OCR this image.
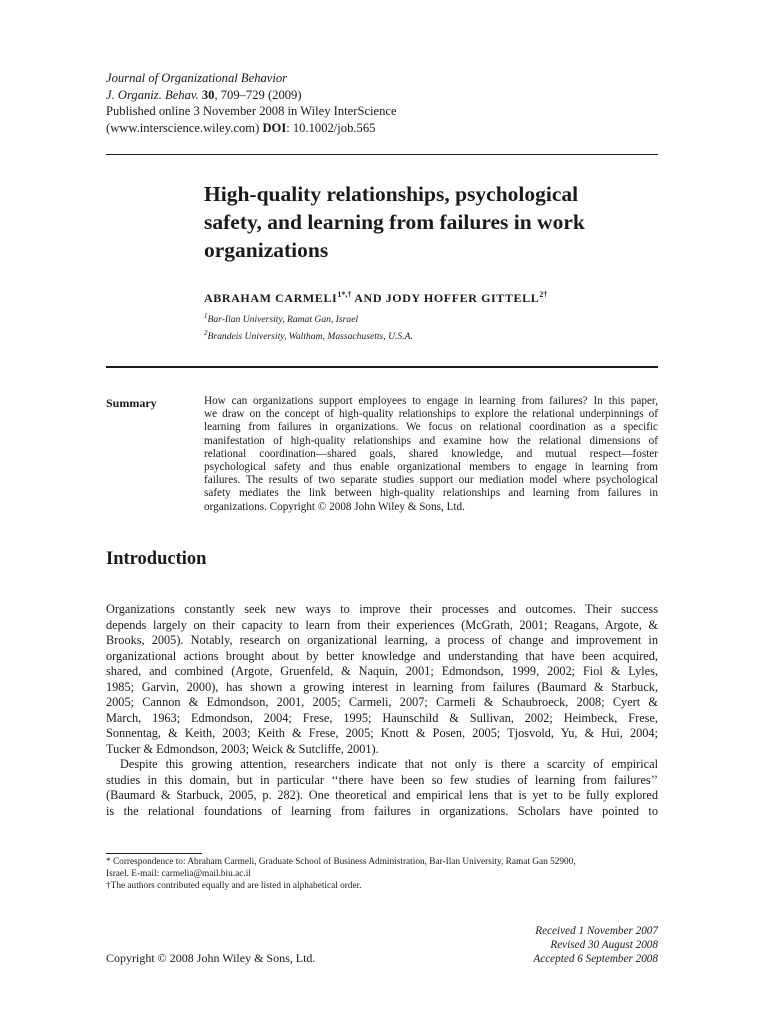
Journal of Organizational Behavior
J. Organiz. Behav. 30, 709–729 (2009)
Published online 3 November 2008 in Wiley InterScience
(www.interscience.wiley.com) DOI: 10.1002/job.565
High-quality relationships, psychological
safety, and learning from failures in work
organizations
ABRAHAM $CARMELI^{1*,\dagger}$ AND JODY HOFFER $GITTELL^{2\dagger}$
$^1$Bar-Ilan University, Ramat Gan, Israel
$^2$Brandeis University, Waltham, Massachusetts, U.S.A.
Summary	How can organizations support employees to engage in learning from failures? In this paper,
we draw on the concept of high-quality relationships to explore the relational underpinnings of
learning from failures in organizations. We focus on relational coordination as a specific
manifestation of high-quality relationships and examine how the relational dimensions of
relational coordination—shared goals, shared knowledge, and mutual respect—foster
psychological safety and thus enable organizational members to engage in learning from
failures. The results of two separate studies support our mediation model where psychological
safety mediates the link between high-quality relationships and learning from failures in
organizations. Copyright © 2008 John Wiley & Sons, Ltd.
Introduction
Organizations constantly seek new ways to improve their processes and outcomes. Their success
depends largely on their capacity to learn from their experiences (McGrath, 2001; Reagans, Argote, &
Brooks, 2005). Notably, research on organizational learning, a process of change and improvement in
organizational actions brought about by better knowledge and understanding that have been acquired,
shared, and combined (Argote, Gruenfeld, & Naquin, 2001; Edmondson, 1999, 2002; Fiol & Lyles,
1985; Garvin, 2000), has shown a growing interest in learning from failures (Baumard & Starbuck,
2005; Cannon & Edmondson, 2001, 2005; Carmeli, 2007; Carmeli & Schaubroeck, 2008; Cyert &
March, 1963; Edmondson, 2004; Frese, 1995; Haunschild & Sullivan, 2002; Heimbeck, Frese,
Sonnentag, & Keith, 2003; Keith & Frese, 2005; Knott & Posen, 2005; Tjosvold, Yu, & Hui, 2004;
Tucker & Edmondson, 2003; Weick & Sutcliffe, 2001).
Despite this growing attention, researchers indicate that not only is there a scarcity of empirical
studies in this domain, but in particular ‘‘there have been so few studies of learning from failures’’
(Baumard & Starbuck, 2005, p. 282). One theoretical and empirical lens that is yet to be fully explored
is the relational foundations of learning from failures in organizations. Scholars have pointed to
* Correspondence to: Abraham Carmeli, Graduate School of Business Administration, Bar-Ilan University, Ramat Gan 52900,
Israel. E-mail: carmelia@mail.biu.ac.il
†The authors contributed equally and are listed in alphabetical order.
Received 1 November 2007
Revised 30 August 2008
Accepted 6 September 2008
Copyright © 2008 John Wiley & Sons, Ltd.
